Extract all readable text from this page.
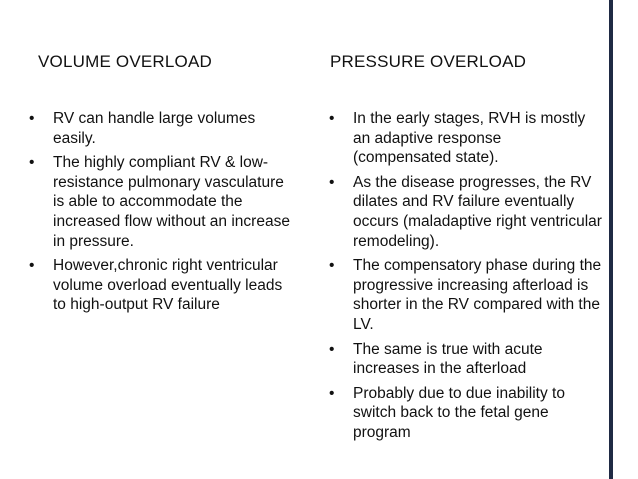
VOLUME OVERLOAD	PRESSURE OVERLOAD
• RV can handle large volumes easily.
• The highly compliant RV & low-resistance pulmonary vasculature is able to accommodate the increased flow without an increase in pressure.
• However,chronic right ventricular volume overload eventually leads to high-output RV failure
• In the early stages, RVH is mostly an adaptive response (compensated state).
• As the disease progresses, the RV dilates and RV failure eventually occurs (maladaptive right ventricular remodeling).
• The compensatory phase during the progressive increasing afterload is shorter in the RV compared with the LV.
• The same is true with acute increases in the afterload
• Probably due to due inability to switch back to the fetal gene program
